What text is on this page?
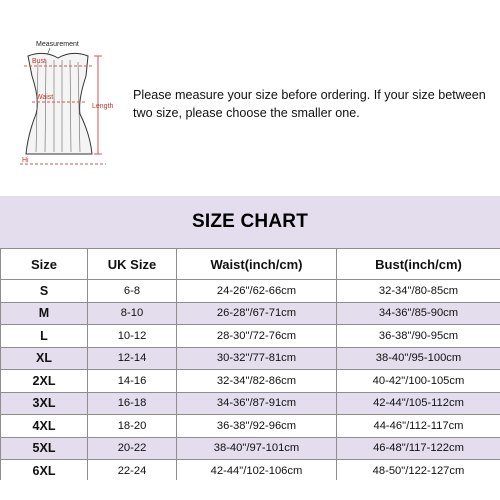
Measurement
Bust
Waist
Length
Hi
Please measure your size before ordering. If your size between two size, please choose the smaller one.
SIZE CHART
Size	UK Size	Waist(inch/cm)	Bust(inch/cm)
S	6-8	24-26"/62-66cm	32-34"/80-85cm
M	8-10	26-28"/67-71cm	34-36"/85-90cm
L	10-12	28-30"/72-76cm	36-38"/90-95cm
XL	12-14	30-32"/77-81cm	38-40"/95-100cm
2XL	14-16	32-34"/82-86cm	40-42"/100-105cm
3XL	16-18	34-36"/87-91cm	42-44"/105-112cm
4XL	18-20	36-38"/92-96cm	44-46"/112-117cm
5XL	20-22	38-40"/97-101cm	46-48"/117-122cm
6XL	22-24	42-44"/102-106cm	48-50"/122-127cm
